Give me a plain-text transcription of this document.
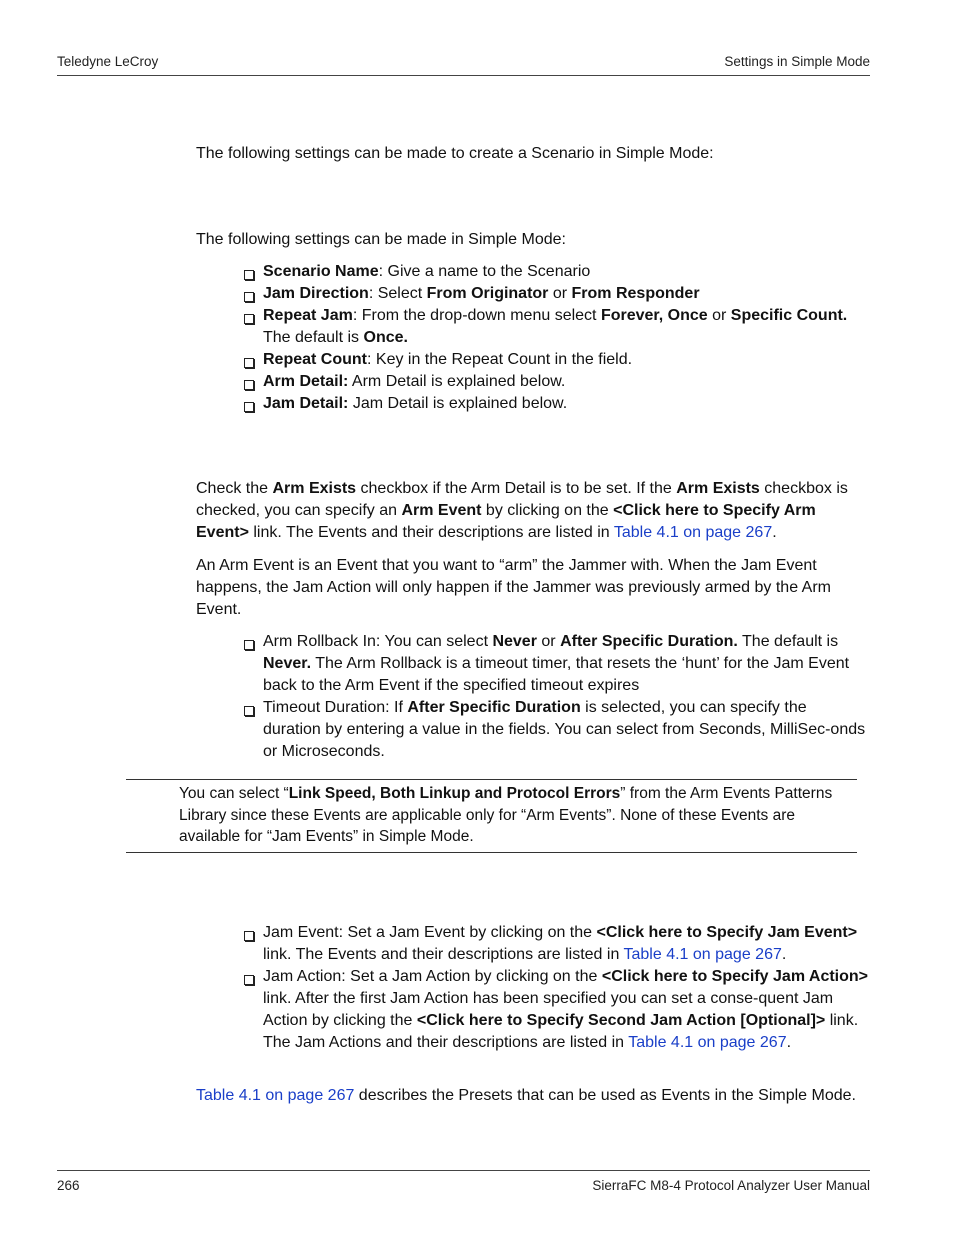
Teledyne LeCroy	Settings in Simple Mode

The following settings can be made to create a Scenario in Simple Mode:

The following settings can be made in Simple Mode:

Scenario Name: Give a name to the Scenario
Jam Direction: Select From Originator or From Responder
Repeat Jam: From the drop-down menu select Forever, Once or Specific Count. The default is Once.
Repeat Count: Key in the Repeat Count in the field.
Arm Detail: Arm Detail is explained below.
Jam Detail: Jam Detail is explained below.

Check the Arm Exists checkbox if the Arm Detail is to be set. If the Arm Exists checkbox is checked, you can specify an Arm Event by clicking on the <Click here to Specify Arm Event> link. The Events and their descriptions are listed in Table 4.1 on page 267.

An Arm Event is an Event that you want to “arm” the Jammer with. When the Jam Event happens, the Jam Action will only happen if the Jammer was previously armed by the Arm Event.

Arm Rollback In: You can select Never or After Specific Duration. The default is Never. The Arm Rollback is a timeout timer, that resets the ‘hunt’ for the Jam Event back to the Arm Event if the specified timeout expires
Timeout Duration: If After Specific Duration is selected, you can specify the duration by entering a value in the fields. You can select from Seconds, MilliSec-onds or Microseconds.

You can select “Link Speed, Both Linkup and Protocol Errors” from the Arm Events Patterns Library since these Events are applicable only for “Arm Events”. None of these Events are available for “Jam Events” in Simple Mode.

Jam Event: Set a Jam Event by clicking on the <Click here to Specify Jam Event> link. The Events and their descriptions are listed in Table 4.1 on page 267.
Jam Action: Set a Jam Action by clicking on the <Click here to Specify Jam Action> link. After the first Jam Action has been specified you can set a conse-quent Jam Action by clicking the <Click here to Specify Second Jam Action [Optional]> link. The Jam Actions and their descriptions are listed in Table 4.1 on page 267.

Table 4.1 on page 267 describes the Presets that can be used as Events in the Simple Mode.

266	SierraFC M8-4 Protocol Analyzer User Manual
